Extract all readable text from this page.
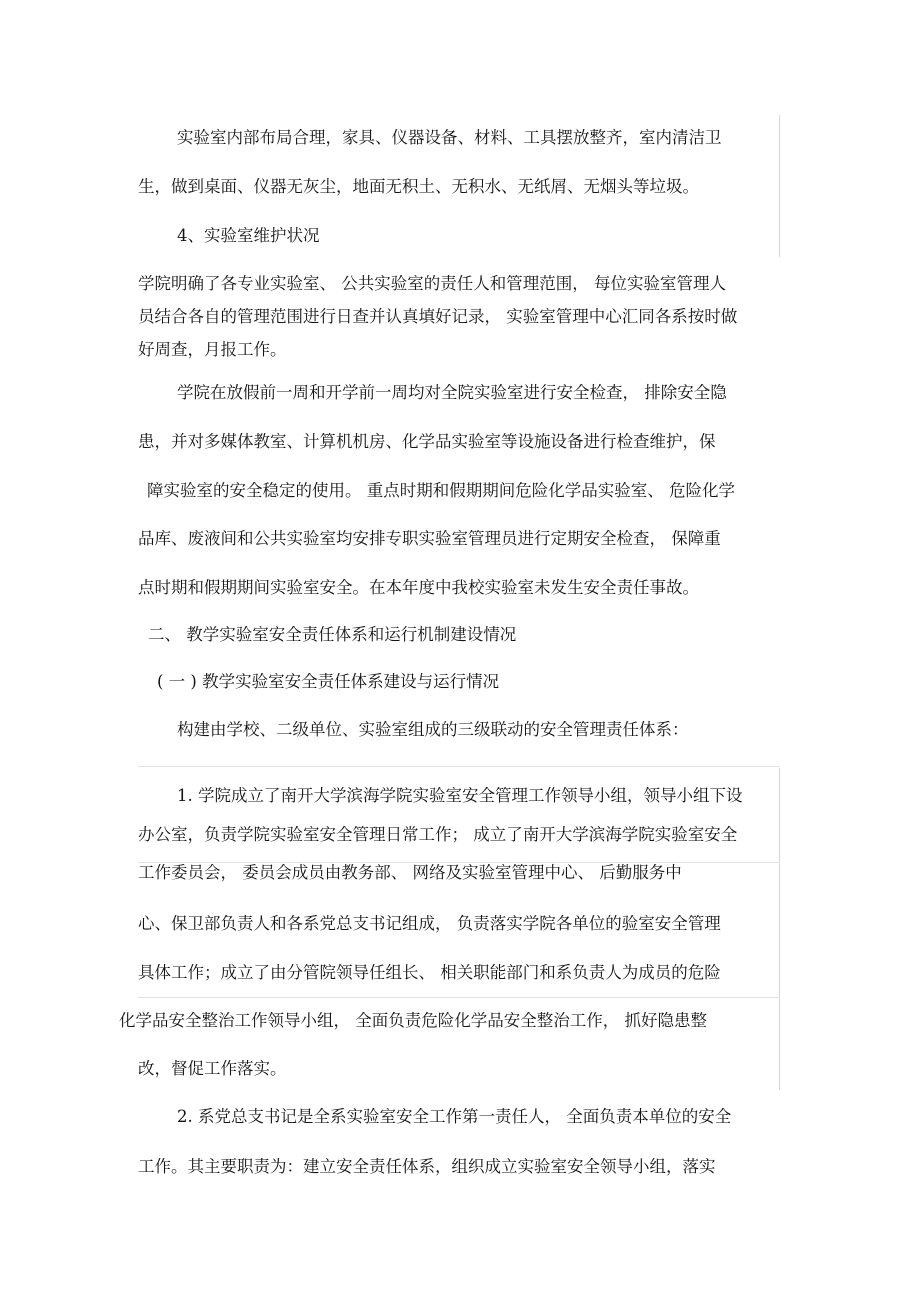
实验室内部布局合理，家具、仪器设备、材料、工具摆放整齐，室内清洁卫
生，做到桌面、仪器无灰尘，地面无积土、无积水、无纸屑、无烟头等垃圾。
4、实验室维护状况
学院明确了各专业实验室、 公共实验室的责任人和管理范围， 每位实验室管理人
员结合各自的管理范围进行日查并认真填好记录， 实验室管理中心汇同各系按时做
好周查，月报工作。
学院在放假前一周和开学前一周均对全院实验室进行安全检查， 排除安全隐
患，并对多媒体教室、计算机机房、化学品实验室等设施设备进行检查维护，保
障实验室的安全稳定的使用。 重点时期和假期期间危险化学品实验室、 危险化学
品库、废液间和公共实验室均安排专职实验室管理员进行定期安全检查， 保障重
点时期和假期期间实验室安全。在本年度中我校实验室未发生安全责任事故。
二、 教学实验室安全责任体系和运行机制建设情况
( 一 ) 教学实验室安全责任体系建设与运行情况
构建由学校、二级单位、实验室组成的三级联动的安全管理责任体系：
1. 学院成立了南开大学滨海学院实验室安全管理工作领导小组，领导小组下设
办公室，负责学院实验室安全管理日常工作； 成立了南开大学滨海学院实验室安全
工作委员会， 委员会成员由教务部、 网络及实验室管理中心、 后勤服务中
心、保卫部负责人和各系党总支书记组成， 负责落实学院各单位的验室安全管理
具体工作；成立了由分管院领导任组长、 相关职能部门和系负责人为成员的危险
化学品安全整治工作领导小组， 全面负责危险化学品安全整治工作， 抓好隐患整
改，督促工作落实。
2. 系党总支书记是全系实验室安全工作第一责任人， 全面负责本单位的安全
工作。其主要职责为：建立安全责任体系，组织成立实验室安全领导小组，落实
